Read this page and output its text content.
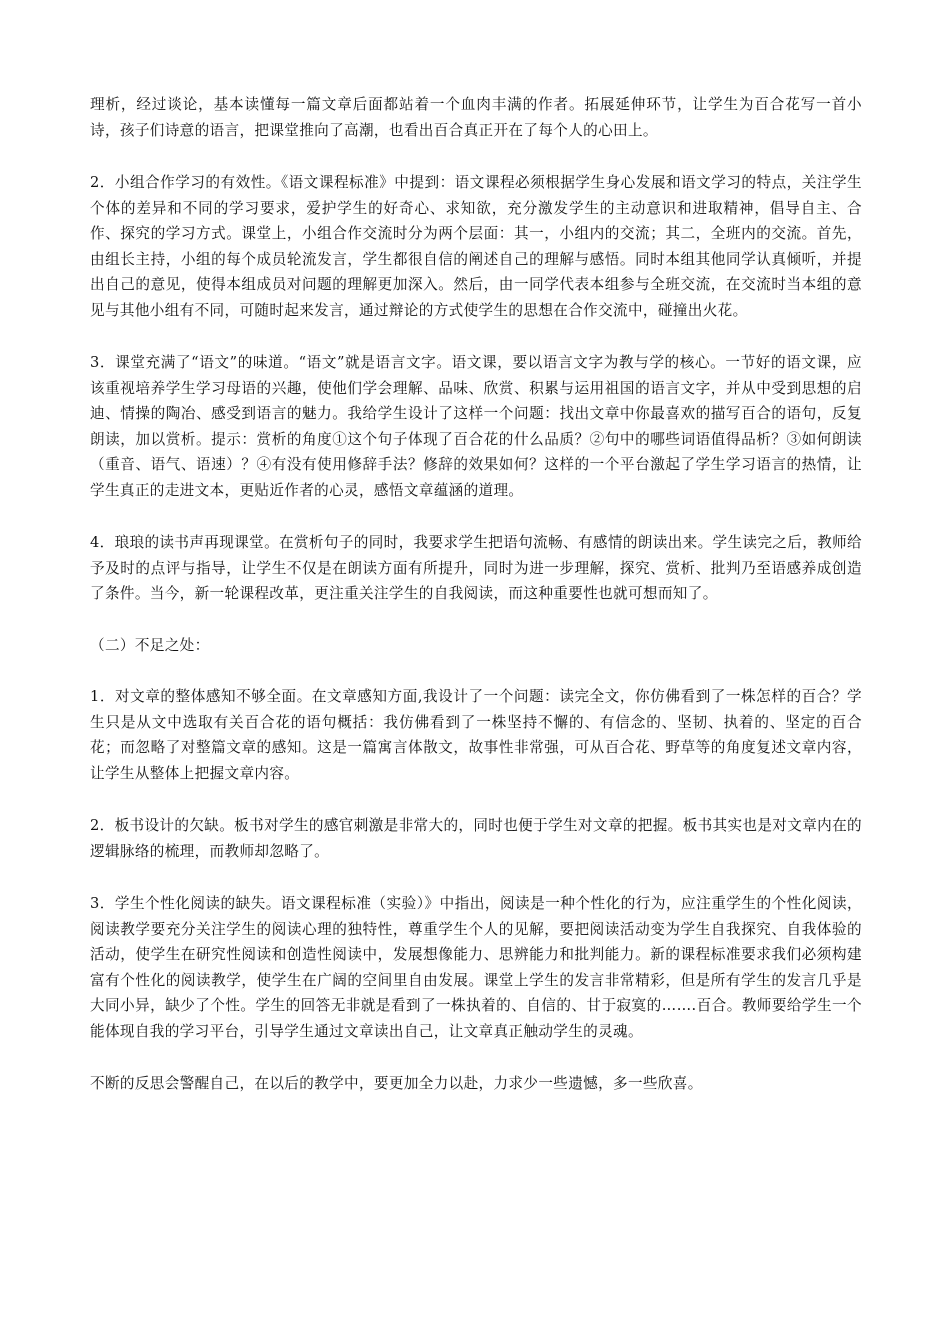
理析，经过谈论，基本读懂每一篇文章后面都站着一个血肉丰满的作者。拓展延伸环节，让学生为百合花写一首小诗，孩子们诗意的语言，把课堂推向了高潮，也看出百合真正开在了每个人的心田上。

2．小组合作学习的有效性。《语文课程标准》中提到：语文课程必须根据学生身心发展和语文学习的特点，关注学生个体的差异和不同的学习要求，爱护学生的好奇心、求知欲，充分激发学生的主动意识和进取精神，倡导自主、合作、探究的学习方式。课堂上，小组合作交流时分为两个层面：其一，小组内的交流；其二，全班内的交流。首先，由组长主持，小组的每个成员轮流发言，学生都很自信的阐述自己的理解与感悟。同时本组其他同学认真倾听，并提出自己的意见，使得本组成员对问题的理解更加深入。然后，由一同学代表本组参与全班交流，在交流时当本组的意见与其他小组有不同，可随时起来发言，通过辩论的方式使学生的思想在合作交流中，碰撞出火花。

3．课堂充满了“语文”的味道。“语文”就是语言文字。语文课，要以语言文字为教与学的核心。一节好的语文课，应该重视培养学生学习母语的兴趣，使他们学会理解、品味、欣赏、积累与运用祖国的语言文字，并从中受到思想的启迪、情操的陶冶、感受到语言的魅力。我给学生设计了这样一个问题：找出文章中你最喜欢的描写百合的语句，反复朗读，加以赏析。提示：赏析的角度①这个句子体现了百合花的什么品质？②句中的哪些词语值得品析？③如何朗读（重音、语气、语速）？④有没有使用修辞手法？修辞的效果如何？这样的一个平台激起了学生学习语言的热情，让学生真正的走进文本，更贴近作者的心灵，感悟文章蕴涵的道理。

4．琅琅的读书声再现课堂。在赏析句子的同时，我要求学生把语句流畅、有感情的朗读出来。学生读完之后，教师给予及时的点评与指导，让学生不仅是在朗读方面有所提升，同时为进一步理解，探究、赏析、批判乃至语感养成创造了条件。当今，新一轮课程改革，更注重关注学生的自我阅读，而这种重要性也就可想而知了。

（二）不足之处：

1．对文章的整体感知不够全面。在文章感知方面,我设计了一个问题：读完全文，你仿佛看到了一株怎样的百合？学生只是从文中选取有关百合花的语句概括：我仿佛看到了一株坚持不懈的、有信念的、坚韧、执着的、坚定的百合花；而忽略了对整篇文章的感知。这是一篇寓言体散文，故事性非常强，可从百合花、野草等的角度复述文章内容，让学生从整体上把握文章内容。

2．板书设计的欠缺。板书对学生的感官刺激是非常大的，同时也便于学生对文章的把握。板书其实也是对文章内在的逻辑脉络的梳理，而教师却忽略了。

3．学生个性化阅读的缺失。语文课程标准（实验）》中指出，阅读是一种个性化的行为，应注重学生的个性化阅读，阅读教学要充分关注学生的阅读心理的独特性，尊重学生个人的见解，要把阅读活动变为学生自我探究、自我体验的活动，使学生在研究性阅读和创造性阅读中，发展想像能力、思辨能力和批判能力。新的课程标准要求我们必须构建富有个性化的阅读教学，使学生在广阔的空间里自由发展。课堂上学生的发言非常精彩，但是所有学生的发言几乎是大同小异，缺少了个性。学生的回答无非就是看到了一株执着的、自信的、甘于寂寞的…….百合。教师要给学生一个能体现自我的学习平台，引导学生通过文章读出自己，让文章真正触动学生的灵魂。

不断的反思会警醒自己，在以后的教学中，要更加全力以赴，力求少一些遗憾，多一些欣喜。
